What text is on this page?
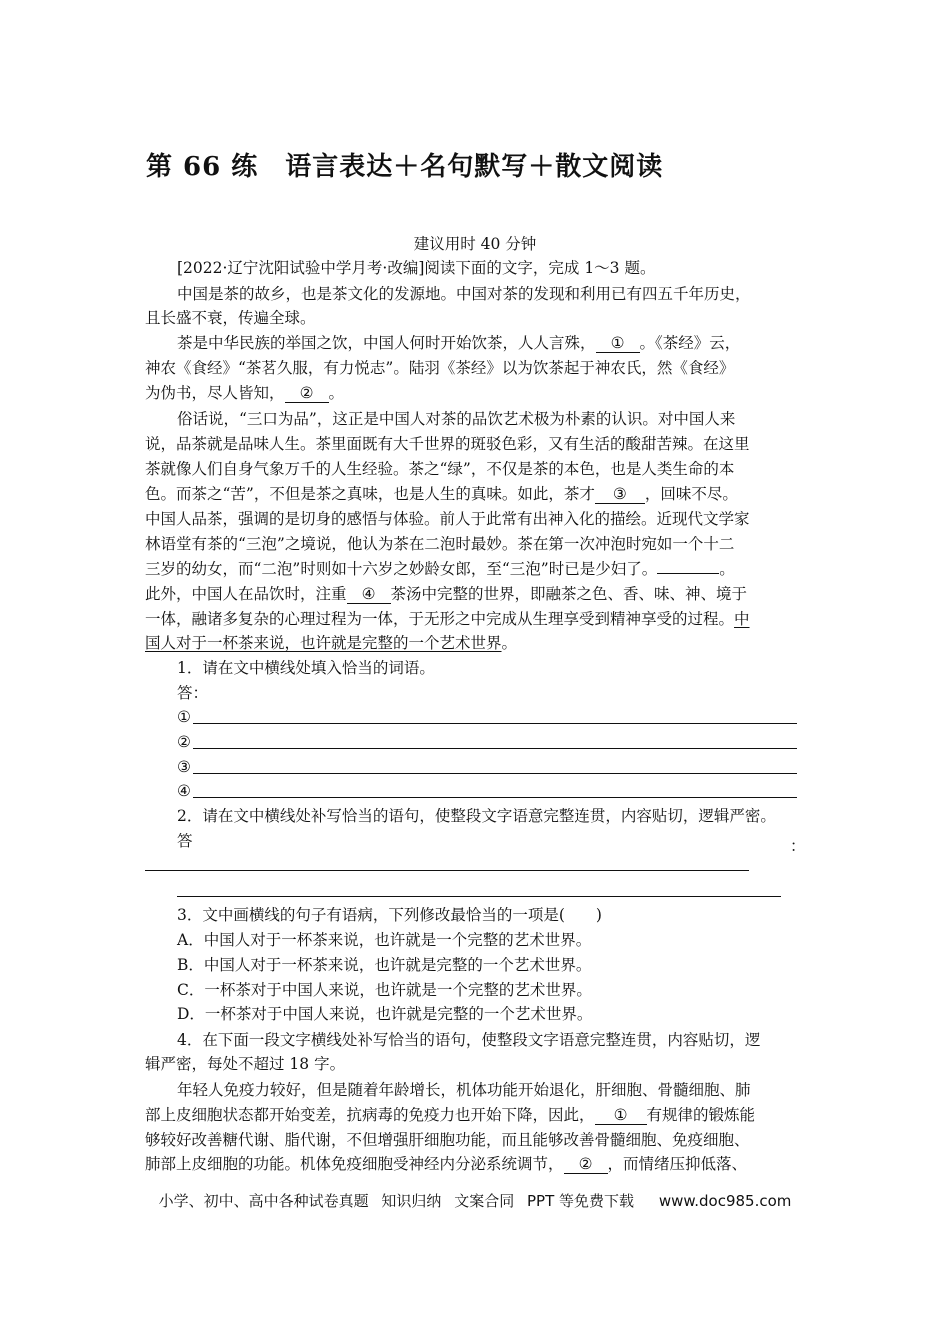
第 66 练　语言表达＋名句默写＋散文阅读
建议用时 40 分钟
[2022·辽宁沈阳试验中学月考·改编]阅读下面的文字，完成 1～3 题。
中国是茶的故乡，也是茶文化的发源地。中国对茶的发现和利用已有四五千年历史，
且长盛不衰，传遍全球。
茶是中华民族的举国之饮，中国人何时开始饮茶，人人言殊， ① 。《茶经》云，
神农《食经》“茶茗久服，有力悦志”。陆羽《茶经》以为饮茶起于神农氏，然《食经》
为伪书，尽人皆知， ② 。
俗话说，“三口为品”，这正是中国人对茶的品饮艺术极为朴素的认识。对中国人来
说，品茶就是品味人生。茶里面既有大千世界的斑驳色彩，又有生活的酸甜苦辣。在这里
茶就像人们自身气象万千的人生经验。茶之“绿”，不仅是茶的本色，也是人类生命的本
色。而茶之“苦”，不但是茶之真味，也是人生的真味。如此，茶才 ③ ，回味不尽。
中国人品茶，强调的是切身的感悟与体验。前人于此常有出神入化的描绘。近现代文学家
林语堂有茶的“三泡”之境说，他认为茶在二泡时最妙。茶在第一次冲泡时宛如一个十二
三岁的幼女，而“二泡”时则如十六岁之妙龄女郎，至“三泡”时已是少妇了。	。
此外，中国人在品饮时，注重 ④ 茶汤中完整的世界，即融茶之色、香、味、神、境于
一体，融诸多复杂的心理过程为一体，于无形之中完成从生理享受到精神享受的过程。中
国人对于一杯茶来说，也许就是完整的一个艺术世界。
1．请在文中横线处填入恰当的词语。
答：
①
②
③
④
2．请在文中横线处补写恰当的语句，使整段文字语意完整连贯，内容贴切，逻辑严密。
答	：
3．文中画横线的句子有语病，下列修改最恰当的一项是(　　)
A．中国人对于一杯茶来说，也许就是一个完整的艺术世界。
B．中国人对于一杯茶来说，也许就是完整的一个艺术世界。
C．一杯茶对于中国人来说，也许就是一个完整的艺术世界。
D．一杯茶对于中国人来说，也许就是完整的一个艺术世界。
4．在下面一段文字横线处补写恰当的语句，使整段文字语意完整连贯，内容贴切，逻
辑严密，每处不超过 18 字。
年轻人免疫力较好，但是随着年龄增长，机体功能开始退化，肝细胞、骨髓细胞、肺
部上皮细胞状态都开始变差，抗病毒的免疫力也开始下降，因此， ① 有规律的锻炼能
够较好改善糖代谢、脂代谢，不但增强肝细胞功能，而且能够改善骨髓细胞、免疫细胞、
肺部上皮细胞的功能。机体免疫细胞受神经内分泌系统调节， ② ，而情绪压抑低落、
小学、初中、高中各种试卷真题 知识归纳 文案合同 PPT 等免费下载 www.doc985.com
